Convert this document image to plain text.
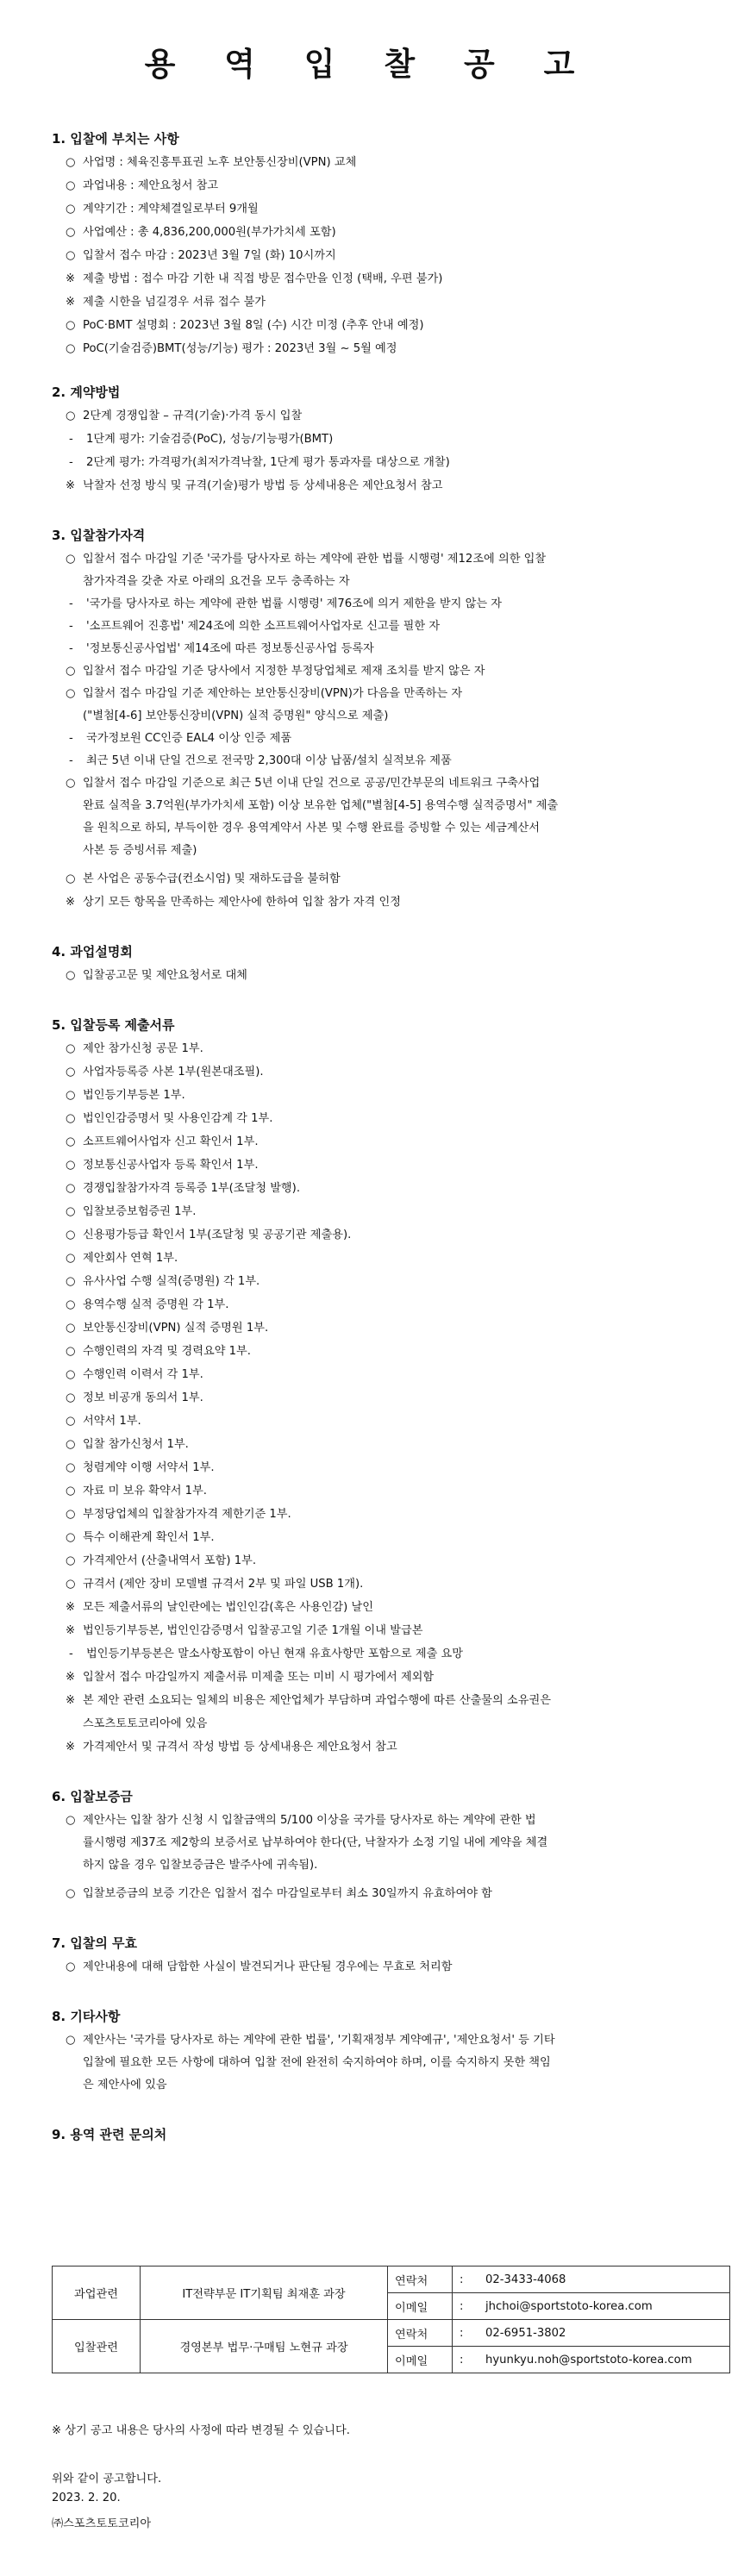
용 역 입 찰 공 고
1. 입찰에 부치는 사항
○ 사업명 : 체육진흥투표권 노후 보안통신장비(VPN) 교체
○ 과업내용 : 제안요청서 참고
○ 계약기간 : 계약체결일로부터 9개월
○ 사업예산 : 총 4,836,200,000원(부가가치세 포함)
○ 입찰서 접수 마감 : 2023년 3월 7일 (화) 10시까지
※ 제출 방법 : 접수 마감 기한 내 직접 방문 접수만을 인정 (택배, 우편 불가)
※ 제출 시한을 넘길경우 서류 접수 불가
○ PoC·BMT 설명회 : 2023년 3월 8일 (수) 시간 미정 (추후 안내 예정)
○ PoC(기술검증)BMT(성능/기능) 평가 : 2023년 3월 ~ 5월 예정
2. 계약방법
○ 2단계 경쟁입찰 – 규격(기술)·가격 동시 입찰
- 1단계 평가: 기술검증(PoC), 성능/기능평가(BMT)
- 2단계 평가: 가격평가(최저가격낙찰, 1단계 평가 통과자를 대상으로 개찰)
※ 낙찰자 선정 방식 및 규격(기술)평가 방법 등 상세내용은 제안요청서 참고
3. 입찰참가자격
○ 입찰서 접수 마감일 기준 '국가를 당사자로 하는 계약에 관한 법률 시행령' 제12조에 의한 입찰
참가자격을 갖춘 자로 아래의 요건을 모두 충족하는 자
- '국가를 당사자로 하는 계약에 관한 법률 시행령' 제76조에 의거 제한을 받지 않는 자
- '소프트웨어 진흥법' 제24조에 의한 소프트웨어사업자로 신고를 필한 자
- '정보통신공사업법' 제14조에 따른 정보통신공사업 등록자
○ 입찰서 접수 마감일 기준 당사에서 지정한 부정당업체로 제재 조치를 받지 않은 자
○ 입찰서 접수 마감일 기준 제안하는 보안통신장비(VPN)가 다음을 만족하는 자
("별첨[4-6] 보안통신장비(VPN) 실적 증명원" 양식으로 제출)
- 국가정보원 CC인증 EAL4 이상 인증 제품
- 최근 5년 이내 단일 건으로 전국망 2,300대 이상 납품/설치 실적보유 제품
○ 입찰서 접수 마감일 기준으로 최근 5년 이내 단일 건으로 공공/민간부문의 네트워크 구축사업
완료 실적을 3.7억원(부가가치세 포함) 이상 보유한 업체("별첨[4-5] 용역수행 실적증명서" 제출
을 원칙으로 하되, 부득이한 경우 용역계약서 사본 및 수행 완료를 증빙할 수 있는 세금계산서
사본 등 증빙서류 제출)
○ 본 사업은 공동수급(컨소시엄) 및 재하도급을 불허함
※ 상기 모든 항목을 만족하는 제안사에 한하여 입찰 참가 자격 인정
4. 과업설명회
○ 입찰공고문 및 제안요청서로 대체
5. 입찰등록 제출서류
○ 제안 참가신청 공문 1부.
○ 사업자등록증 사본 1부(원본대조필).
○ 법인등기부등본 1부.
○ 법인인감증명서 및 사용인감계 각 1부.
○ 소프트웨어사업자 신고 확인서 1부.
○ 정보통신공사업자 등록 확인서 1부.
○ 경쟁입찰참가자격 등록증 1부(조달청 발행).
○ 입찰보증보험증권 1부.
○ 신용평가등급 확인서 1부(조달청 및 공공기관 제출용).
○ 제안회사 연혁 1부.
○ 유사사업 수행 실적(증명원) 각 1부.
○ 용역수행 실적 증명원 각 1부.
○ 보안통신장비(VPN) 실적 증명원 1부.
○ 수행인력의 자격 및 경력요약 1부.
○ 수행인력 이력서 각 1부.
○ 정보 비공개 동의서 1부.
○ 서약서 1부.
○ 입찰 참가신청서 1부.
○ 청렴계약 이행 서약서 1부.
○ 자료 미 보유 확약서 1부.
○ 부정당업체의 입찰참가자격 제한기준 1부.
○ 특수 이해관계 확인서 1부.
○ 가격제안서 (산출내역서 포함) 1부.
○ 규격서 (제안 장비 모델별 규격서 2부 및 파일 USB 1개).
※ 모든 제출서류의 날인란에는 법인인감(혹은 사용인감) 날인
※ 법인등기부등본, 법인인감증명서 입찰공고일 기준 1개월 이내 발급본
- 법인등기부등본은 말소사항포함이 아닌 현재 유효사항만 포함으로 제출 요망
※ 입찰서 접수 마감일까지 제출서류 미제출 또는 미비 시 평가에서 제외함
※ 본 제안 관련 소요되는 일체의 비용은 제안업체가 부담하며 과업수행에 따른 산출물의 소유권은
스포츠토토코리아에 있음
※ 가격제안서 및 규격서 작성 방법 등 상세내용은 제안요청서 참고
6. 입찰보증금
○ 제안사는 입찰 참가 신청 시 입찰금액의 5/100 이상을 국가를 당사자로 하는 계약에 관한 법
률시행령 제37조 제2항의 보증서로 납부하여야 한다(단, 낙찰자가 소정 기일 내에 계약을 체결
하지 않을 경우 입찰보증금은 발주사에 귀속됨).
○ 입찰보증금의 보증 기간은 입찰서 접수 마감일로부터 최소 30일까지 유효하여야 함
7. 입찰의 무효
○ 제안내용에 대해 담합한 사실이 발견되거나 판단될 경우에는 무효로 처리함
8. 기타사항
○ 제안사는 '국가를 당사자로 하는 계약에 관한 법률', '기획재정부 계약예규', '제안요청서' 등 기타
입찰에 필요한 모든 사항에 대하여 입찰 전에 완전히 숙지하여야 하며, 이를 숙지하지 못한 책임
은 제안사에 있음
9. 용역 관련 문의처
과업관련	IT전략부문 IT기획팀 최재훈 과장	연락처	: 02-3433-4068
		이메일	: jhchoi@sportstoto-korea.com
입찰관련	경영본부 법무·구매팀 노현규 과장	연락처	: 02-6951-3802
		이메일	: hyunkyu.noh@sportstoto-korea.com
※ 상기 공고 내용은 당사의 사정에 따라 변경될 수 있습니다.
위와 같이 공고합니다.
2023. 2. 20.
㈜스포츠토토코리아
